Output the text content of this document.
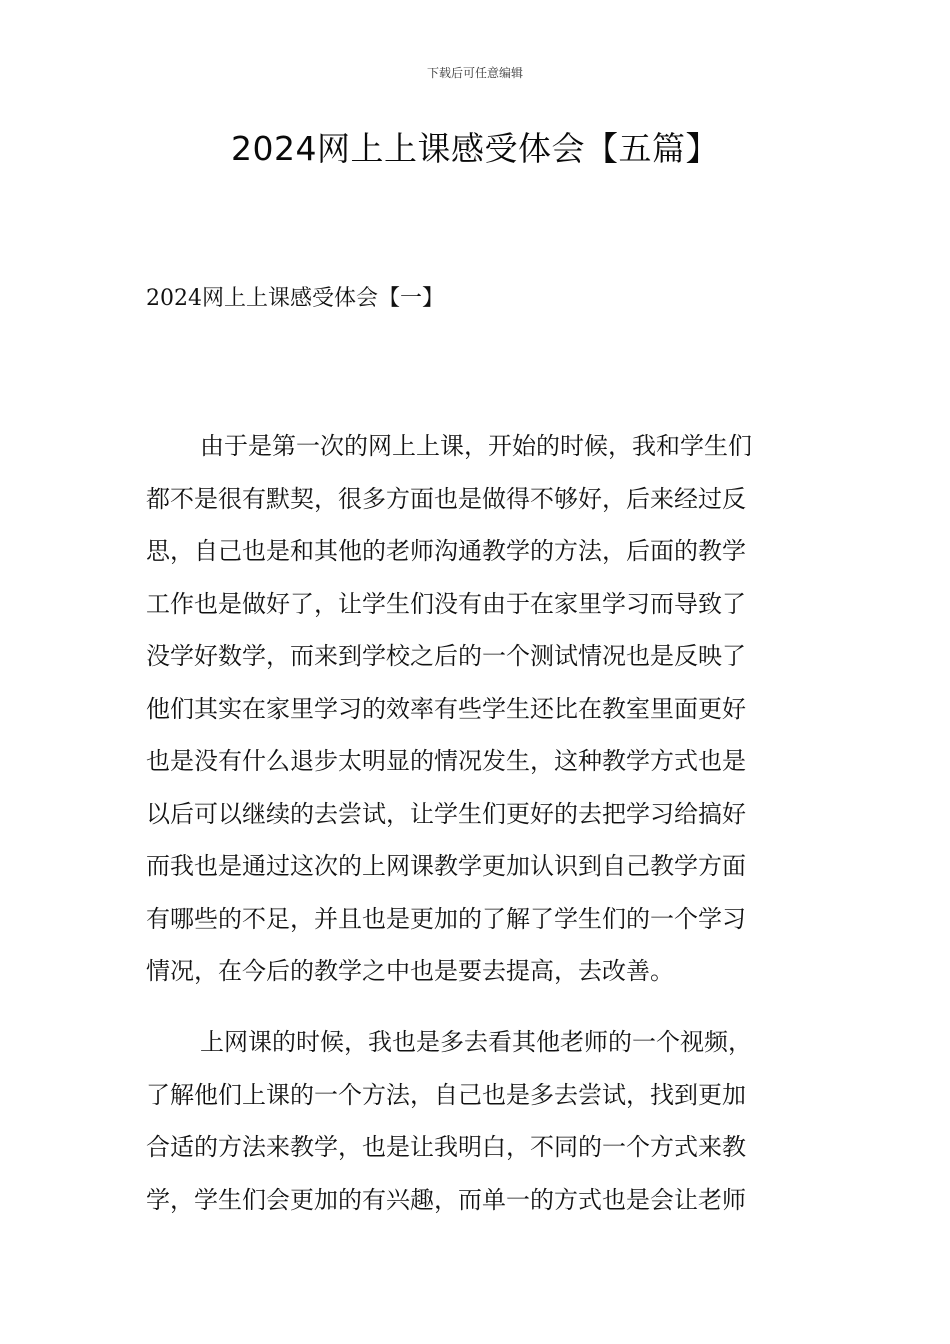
下载后可任意编辑
2024网上上课感受体会【五篇】
2024网上上课感受体会【一】
由于是第一次的网上上课，开始的时候，我和学生们
都不是很有默契，很多方面也是做得不够好，后来经过反
思，自己也是和其他的老师沟通教学的方法，后面的教学
工作也是做好了，让学生们没有由于在家里学习而导致了
没学好数学，而来到学校之后的一个测试情况也是反映了
他们其实在家里学习的效率有些学生还比在教室里面更好
也是没有什么退步太明显的情况发生，这种教学方式也是
以后可以继续的去尝试，让学生们更好的去把学习给搞好
而我也是通过这次的上网课教学更加认识到自己教学方面
有哪些的不足，并且也是更加的了解了学生们的一个学习
情况，在今后的教学之中也是要去提高，去改善。
上网课的时候，我也是多去看其他老师的一个视频，
了解他们上课的一个方法，自己也是多去尝试，找到更加
合适的方法来教学，也是让我明白，不同的一个方式来教
学，学生们会更加的有兴趣，而单一的方式也是会让老师
